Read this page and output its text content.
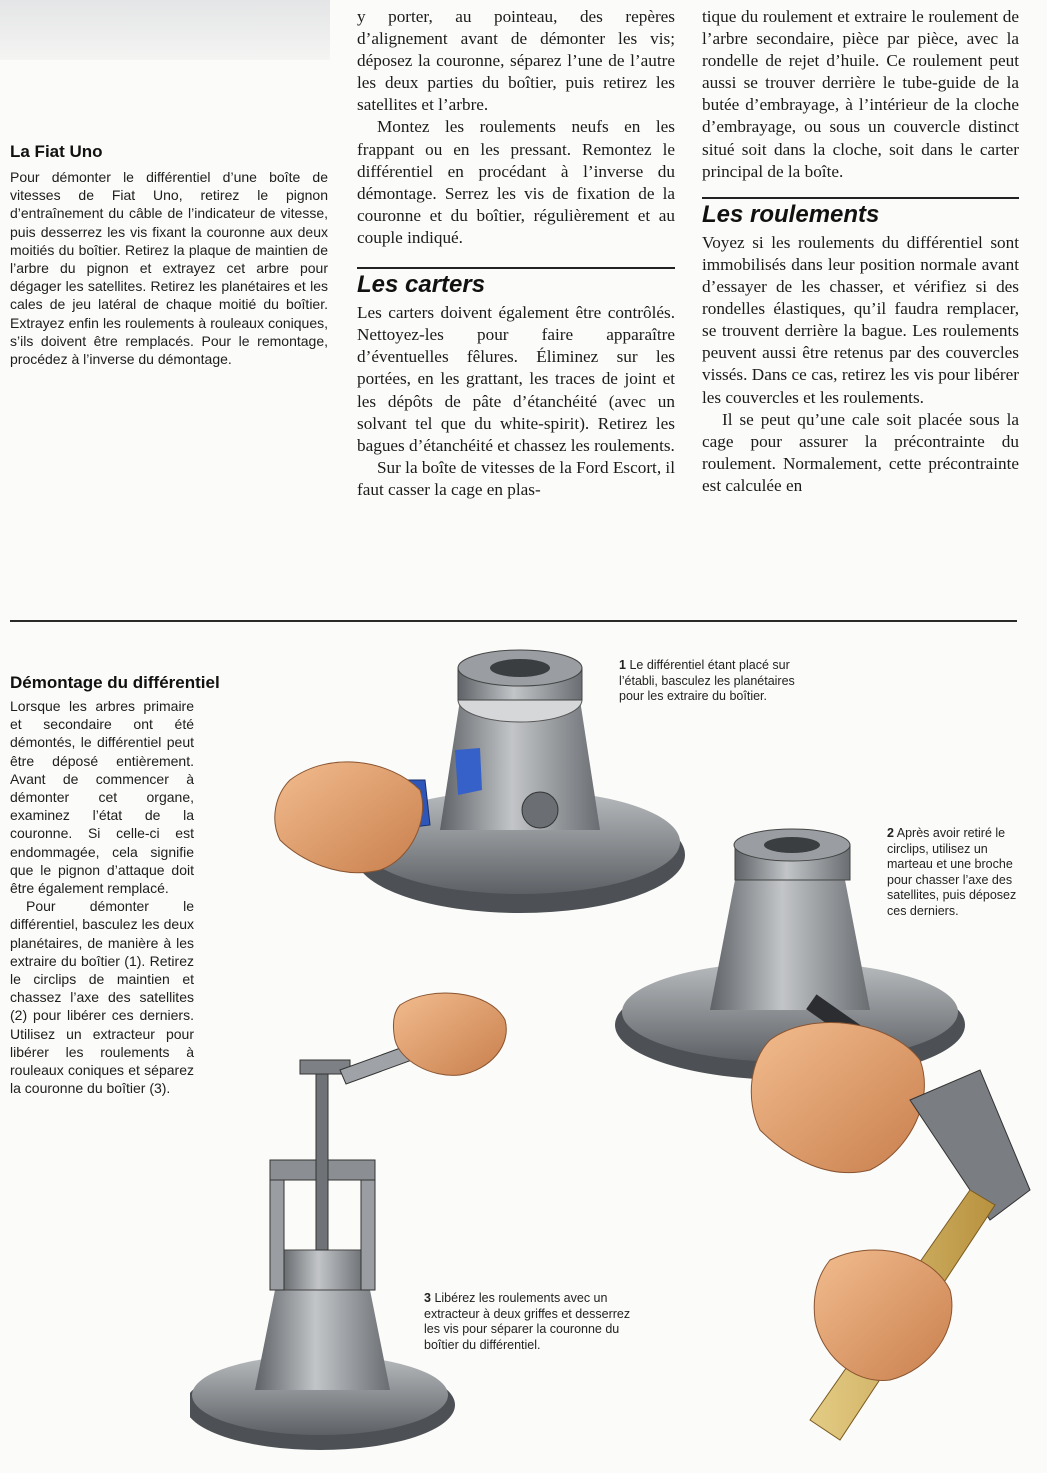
La Fiat Uno
Pour démonter le différentiel d’une boîte de vitesses de Fiat Uno, retirez le pignon d’entraînement du câble de l’indicateur de vitesse, puis desserrez les vis fixant la couronne aux deux moitiés du boîtier. Retirez la plaque de maintien de l’arbre du pignon et extrayez cet arbre pour dégager les satellites. Retirez les planétaires et les cales de jeu latéral de chaque moitié du boîtier. Extrayez enfin les roulements à rouleaux coniques, s’ils doivent être remplacés. Pour le remontage, procédez à l’inverse du démontage.

y porter, au pointeau, des repères d’alignement avant de démonter les vis; déposez la couronne, séparez l’une de l’autre les deux parties du boîtier, puis retirez les satellites et l’arbre.

Montez les roulements neufs en les frappant ou en les pressant. Remontez le différentiel en procédant à l’inverse du démontage. Serrez les vis de fixation de la couronne et du boîtier, régulièrement et au couple indiqué.

Les carters

Les carters doivent également être contrôlés. Nettoyez-les pour faire apparaître d’éventuelles fêlures. Éliminez sur les portées, en les grattant, les traces de joint et les dépôts de pâte d’étanchéité (avec un solvant tel que du white-spirit). Retirez les bagues d’étanchéité et chassez les roulements.

Sur la boîte de vitesses de la Ford Escort, il faut casser la cage en plas-

tique du roulement et extraire le roulement de l’arbre secondaire, pièce par pièce, avec la rondelle de rejet d’huile. Ce roulement peut aussi se trouver derrière le tube-guide de la butée d’embrayage, à l’intérieur de la cloche d’embrayage, ou sous un couvercle distinct situé soit dans la cloche, soit dans le carter principal de la boîte.

Les roulements

Voyez si les roulements du différentiel sont immobilisés dans leur position normale avant d’essayer de les chasser, et vérifiez si des rondelles élastiques, qu’il faudra remplacer, se trouvent derrière la bague. Les roulements peuvent aussi être retenus par des couvercles vissés. Dans ce cas, retirez les vis pour libérer les couvercles et les roulements.

Il se peut qu’une cale soit placée sous la cage pour assurer la précontrainte du roulement. Normalement, cette précontrainte est calculée en

Démontage du différentiel

Lorsque les arbres primaire et secondaire ont été démontés, le différentiel peut être déposé entièrement. Avant de commencer à démonter cet organe, examinez l’état de la couronne. Si celle-ci est endommagée, cela signifie que le pignon d’attaque doit être également remplacé.

Pour démonter le différentiel, basculez les deux planétaires, de manière à les extraire du boîtier (1). Retirez le circlips de maintien et chassez l’axe des satellites (2) pour libérer ces derniers. Utilisez un extracteur pour libérer les roulements à rouleaux coniques et séparez la couronne du boîtier (3).

1 Le différentiel étant placé sur l’établi, basculez les planétaires pour les extraire du boîtier.
2 Après avoir retiré le circlips, utilisez un marteau et une broche pour chasser l’axe des satellites, puis déposez ces derniers.
3 Libérez les roulements avec un extracteur à deux griffes et desserrez les vis pour séparer la couronne du boîtier du différentiel.
